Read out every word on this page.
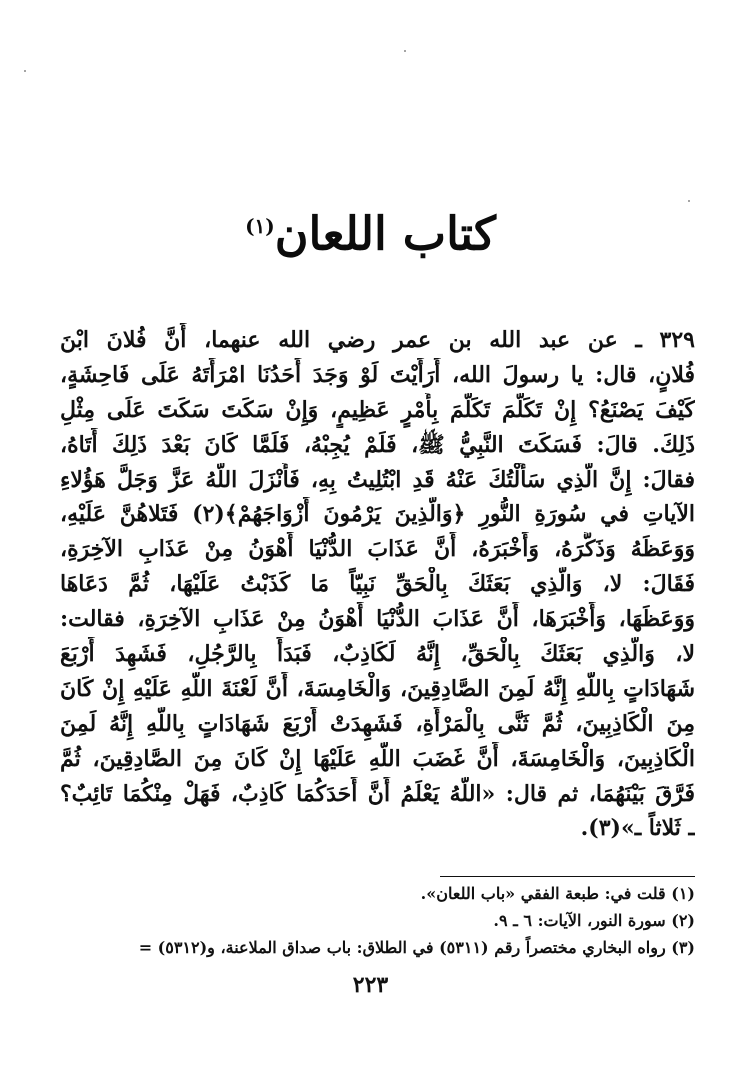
كتاب اللعان$^{(١)}$
٣٢٩ ـ عن عبد الله بن عمر رضي الله عنهما، أَنَّ فُلانَ ابْنَ
فُلانٍ، قال: يا رسولَ الله، أَرَأَيْتَ لَوْ وَجَدَ أَحَدُنَا امْرَأَتَهُ عَلَى فَاحِشَةٍ،
كَيْفَ يَصْنَعُ؟ إِنْ تَكَلَّمَ تَكَلَّمَ بِأَمْرٍ عَظِيمٍ، وَإِنْ سَكَتَ سَكَتَ عَلَى مِثْلِ
ذَلِكَ. قالَ: فَسَكَتَ النَّبِيُّ ﷺ، فَلَمْ يُجِبْهُ، فَلَمَّا كَانَ بَعْدَ ذَلِكَ أَتَاهُ،
فقالَ: إِنَّ الَّذِي سَأَلْتُكَ عَنْهُ قَدِ ابْتُلِيتُ بِهِ، فَأَنْزَلَ اللَّهُ عَزَّ وَجَلَّ هَؤُلاءِ
الآياتِ في سُورَةِ النُّورِ ﴿وَالَّذِينَ يَرْمُونَ أَزْوَاجَهُمْ﴾(٢) فَتَلاهُنَّ عَلَيْهِ،
وَوَعَظَهُ وَذَكَّرَهُ، وَأَخْبَرَهُ، أَنَّ عَذَابَ الدُّنْيَا أَهْوَنُ مِنْ عَذَابِ الآخِرَةِ،
فَقَالَ: لا، وَالَّذِي بَعَثَكَ بِالْحَقِّ نَبِيّاً مَا كَذَبْتُ عَلَيْهَا، ثُمَّ دَعَاهَا
وَوَعَظَهَا، وَأَخْبَرَهَا، أَنَّ عَذَابَ الدُّنْيَا أَهْوَنُ مِنْ عَذَابِ الآخِرَةِ، فقالت:
لا، وَالَّذِي بَعَثَكَ بِالْحَقِّ، إِنَّهُ لَكَاذِبٌ، فَبَدَأَ بِالرَّجُلِ، فَشَهِدَ أَرْبَعَ
شَهَادَاتٍ بِاللَّهِ إِنَّهُ لَمِنَ الصَّادِقِينَ، وَالْخَامِسَةَ، أَنَّ لَعْنَةَ اللَّهِ عَلَيْهِ إِنْ كَانَ
مِنَ الْكَاذِبِينَ، ثُمَّ ثَنَّى بِالْمَرْأَةِ، فَشَهِدَتْ أَرْبَعَ شَهَادَاتٍ بِاللَّهِ إِنَّهُ لَمِنَ
الْكَاذِبِينَ، وَالْخَامِسَةَ، أَنَّ غَضَبَ اللَّهِ عَلَيْهَا إِنْ كَانَ مِنَ الصَّادِقِينَ، ثُمَّ
فَرَّقَ بَيْنَهُمَا، ثم قال: «اللَّهُ يَعْلَمُ أَنَّ أَحَدَكُمَا كَاذِبٌ، فَهَلْ مِنْكُمَا تَائِبٌ؟
ـ ثَلاثاً ـ»(٣).
(١) قلت في: طبعة الفقي «باب اللعان».
(٢) سورة النور، الآيات: ٦ ـ ٩.
(٣) رواه البخاري مختصراً رقم (٥٣١١) في الطلاق: باب صداق الملاعنة، و(٥٣١٢) =
٢٢٣
